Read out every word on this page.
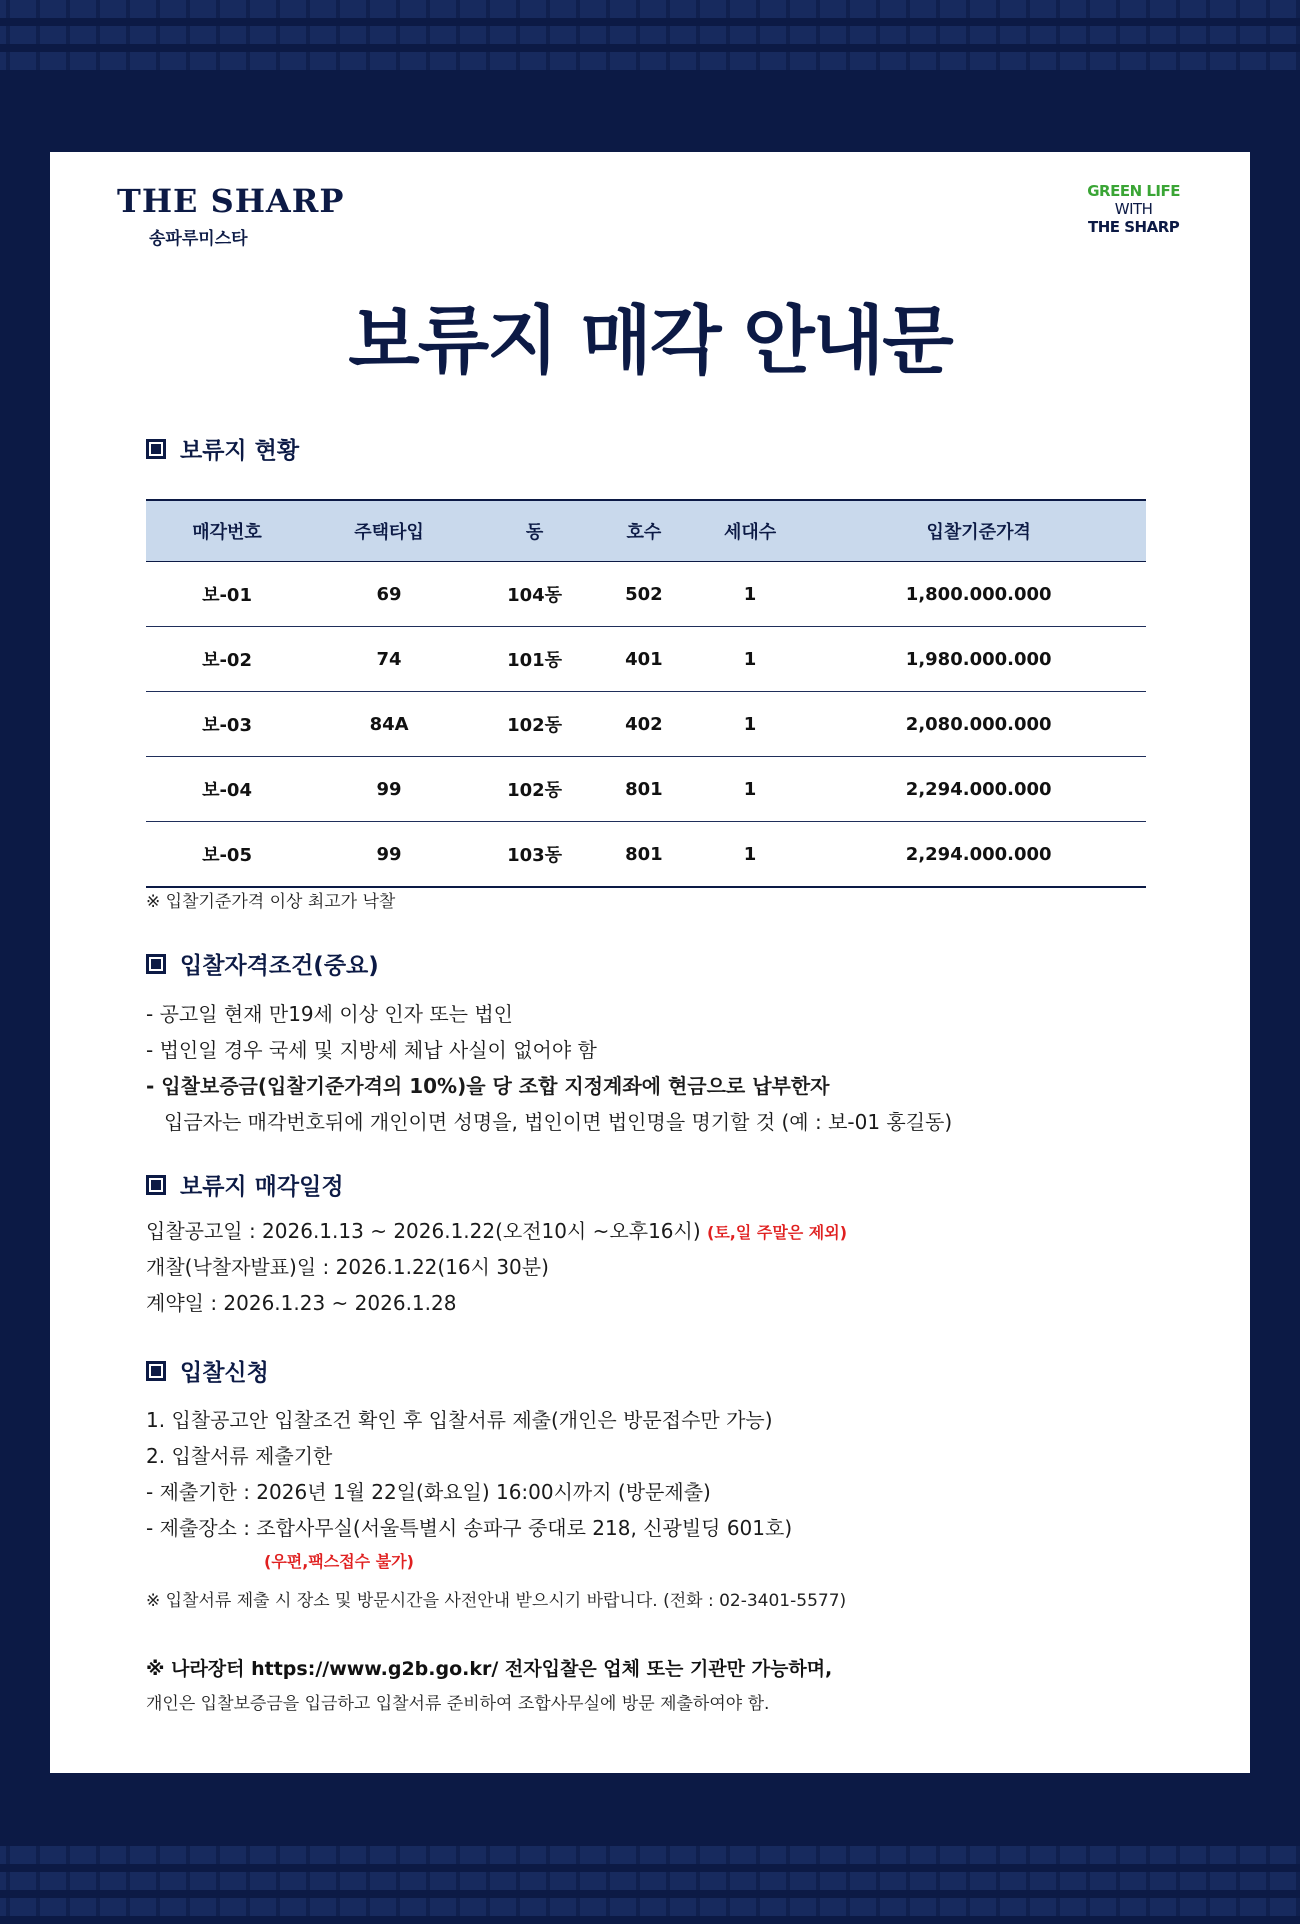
THE SHARP
송파루미스타
GREEN LIFE
WITH
THE SHARP
보류지 매각 안내문
보류지 현황
매각번호	주택타입	동	호수	세대수	입찰기준가격
보-01	69	104동	502	1	1,800.000.000
보-02	74	101동	401	1	1,980.000.000
보-03	84A	102동	402	1	2,080.000.000
보-04	99	102동	801	1	2,294.000.000
보-05	99	103동	801	1	2,294.000.000
※ 입찰기준가격 이상 최고가 낙찰
입찰자격조건(중요)
- 공고일 현재 만19세 이상 인자 또는 법인
- 법인일 경우 국세 및 지방세 체납 사실이 없어야 함
- 입찰보증금(입찰기준가격의 10%)을 당 조합 지정계좌에 현금으로 납부한자
입금자는 매각번호뒤에 개인이면 성명을, 법인이면 법인명을 명기할 것 (예 : 보-01 홍길동)
보류지 매각일정
입찰공고일 : 2026.1.13 ~ 2026.1.22(오전10시 ~오후16시) (토,일 주말은 제외)
개찰(낙찰자발표)일 : 2026.1.22(16시 30분)
계약일 : 2026.1.23 ~ 2026.1.28
입찰신청
1. 입찰공고안 입찰조건 확인 후 입찰서류 제출(개인은 방문접수만 가능)
2. 입찰서류 제출기한
- 제출기한 : 2026년 1월 22일(화요일) 16:00시까지 (방문제출)
- 제출장소 : 조합사무실(서울특별시 송파구 중대로 218, 신광빌딩 601호)
(우편,팩스접수 불가)
※ 입찰서류 제출 시 장소 및 방문시간을 사전안내 받으시기 바랍니다. (전화 : 02-3401-5577)
※ 나라장터 https://www.g2b.go.kr/ 전자입찰은 업체 또는 기관만 가능하며,
개인은 입찰보증금을 입금하고 입찰서류 준비하여 조합사무실에 방문 제출하여야 함.
